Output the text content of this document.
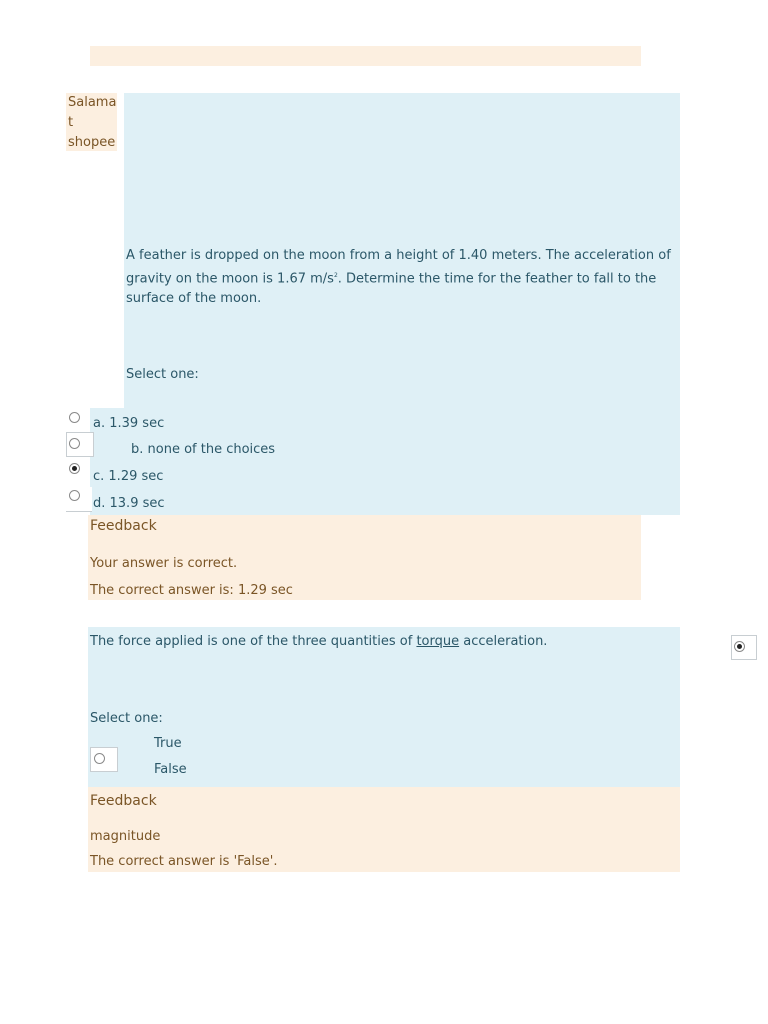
Salama
t
shopee
A feather is dropped on the moon from a height of 1.40 meters. The acceleration of gravity on the moon is 1.67 $m/s^2$. Determine the time for the feather to fall to the surface of the moon.
Select one:
a. 1.39 sec
b. none of the choices
c. 1.29 sec
d. 13.9 sec
Feedback
Your answer is correct.
The correct answer is: 1.29 sec
The force applied is one of the three quantities of torque acceleration.
Select one:
True
False
Feedback
magnitude
The correct answer is 'False'.
